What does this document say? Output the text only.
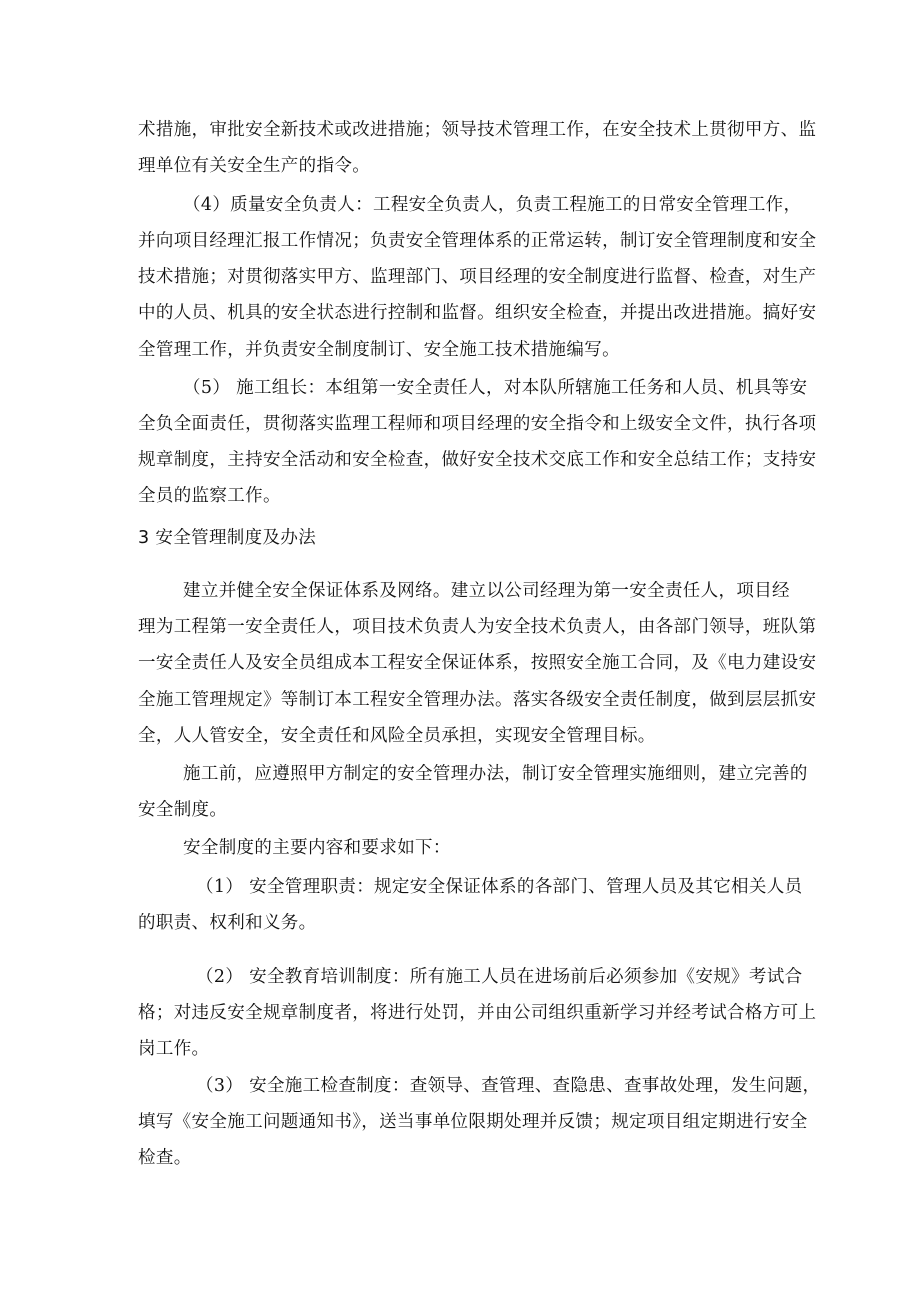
术措施，审批安全新技术或改进措施；领导技术管理工作，在安全技术上贯彻甲方、监
理单位有关安全生产的指令。
（4）质量安全负责人：工程安全负责人，负责工程施工的日常安全管理工作，
并向项目经理汇报工作情况；负责安全管理体系的正常运转，制订安全管理制度和安全
技术措施；对贯彻落实甲方、监理部门、项目经理的安全制度进行监督、检查，对生产
中的人员、机具的安全状态进行控制和监督。组织安全检查，并提出改进措施。搞好安
全管理工作，并负责安全制度制订、安全施工技术措施编写。
（5） 施工组长：本组第一安全责任人，对本队所辖施工任务和人员、机具等安
全负全面责任，贯彻落实监理工程师和项目经理的安全指令和上级安全文件，执行各项
规章制度，主持安全活动和安全检查，做好安全技术交底工作和安全总结工作；支持安
全员的监察工作。
3 安全管理制度及办法
建立并健全安全保证体系及网络。建立以公司经理为第一安全责任人，项目经
理为工程第一安全责任人，项目技术负责人为安全技术负责人，由各部门领导，班队第
一安全责任人及安全员组成本工程安全保证体系，按照安全施工合同，及《电力建设安
全施工管理规定》等制订本工程安全管理办法。落实各级安全责任制度，做到层层抓安
全，人人管安全，安全责任和风险全员承担，实现安全管理目标。
施工前，应遵照甲方制定的安全管理办法，制订安全管理实施细则，建立完善的
安全制度。
安全制度的主要内容和要求如下：
（1） 安全管理职责：规定安全保证体系的各部门、管理人员及其它相关人员
的职责、权利和义务。
（2） 安全教育培训制度：所有施工人员在进场前后必须参加《安规》考试合
格；对违反安全规章制度者，将进行处罚，并由公司组织重新学习并经考试合格方可上
岗工作。
（3） 安全施工检查制度：查领导、查管理、查隐患、查事故处理，发生问题，
填写《安全施工问题通知书》，送当事单位限期处理并反馈；规定项目组定期进行安全
检查。
